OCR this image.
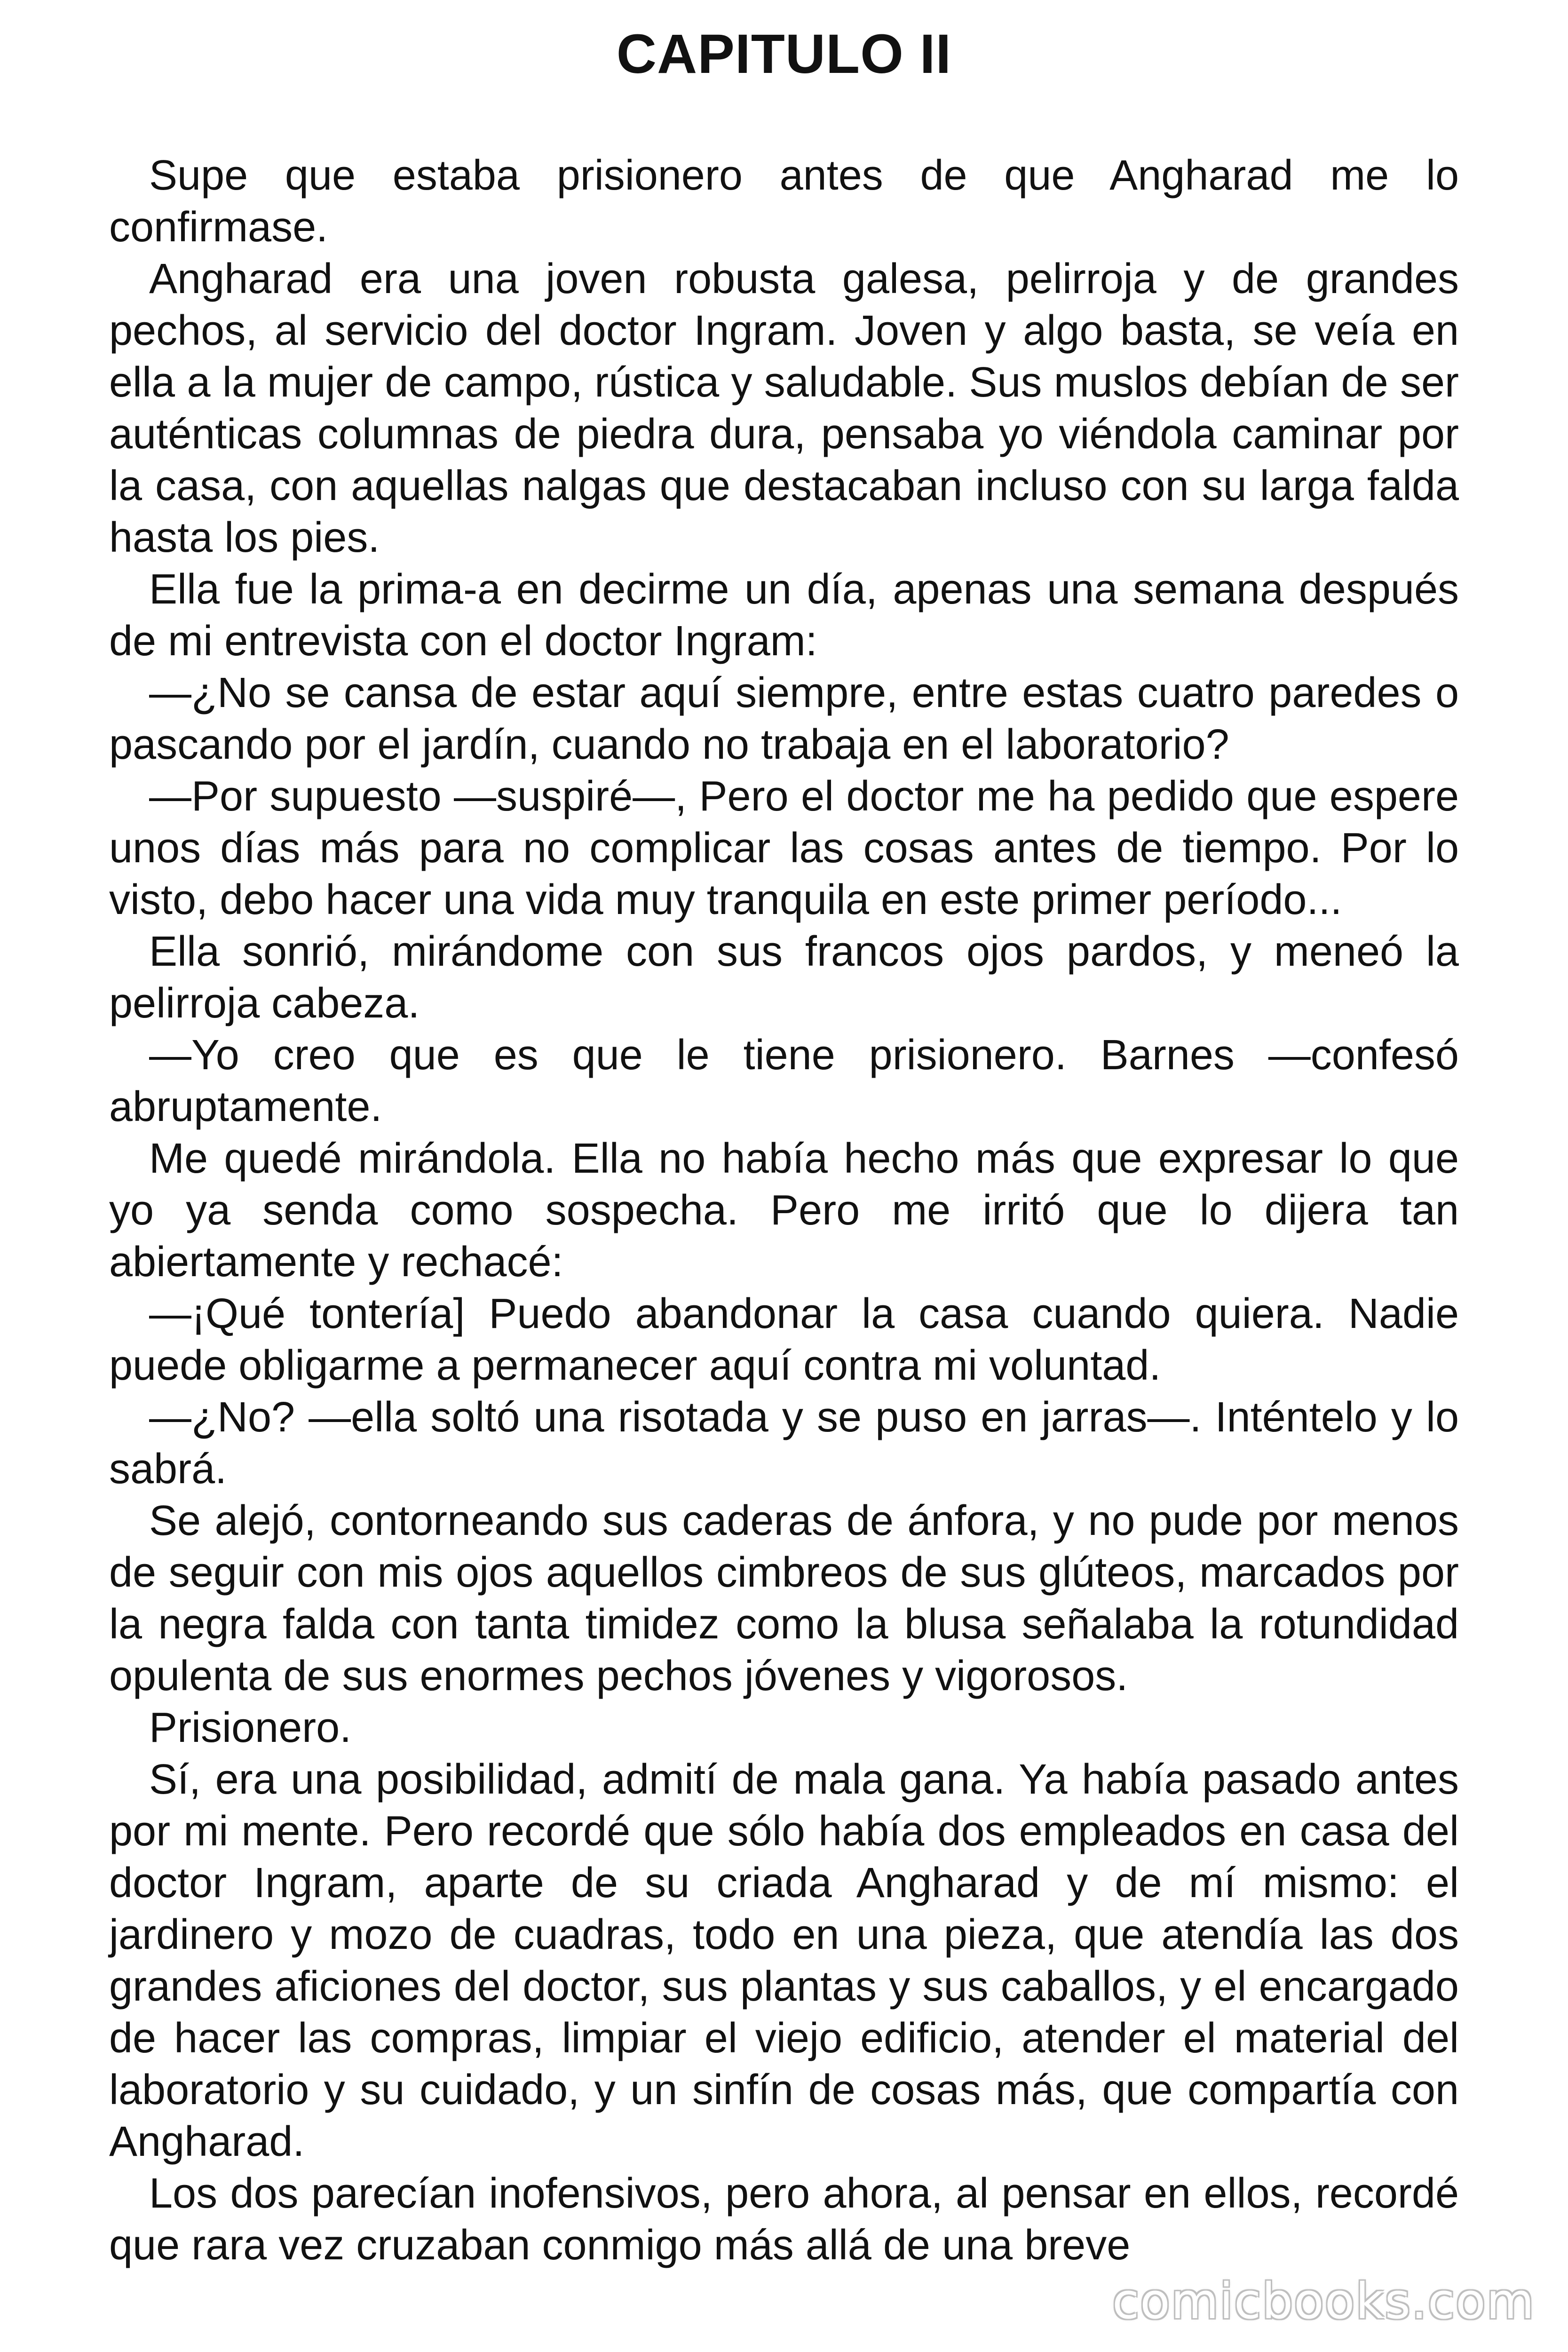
CAPITULO II

Supe que estaba prisionero antes de que Angharad me lo confirmase.

Angharad era una joven robusta galesa, pelirroja y de grandes pechos, al servicio del doctor Ingram. Joven y algo basta, se veía en ella a la mujer de campo, rústica y saludable. Sus muslos debían de ser auténticas columnas de piedra dura, pensaba yo viéndola caminar por la casa, con aquellas nalgas que destacaban incluso con su larga falda hasta los pies.

Ella fue la prima-a en decirme un día, apenas una semana después de mi entrevista con el doctor Ingram:

—¿No se cansa de estar aquí siempre, entre estas cuatro paredes o pascando por el jardín, cuando no trabaja en el laboratorio?

—Por supuesto —suspiré—, Pero el doctor me ha pedido que espere unos días más para no complicar las cosas antes de tiempo. Por lo visto, debo hacer una vida muy tranquila en este primer período...

Ella sonrió, mirándome con sus francos ojos pardos, y meneó la pelirroja cabeza.

—Yo creo que es que le tiene prisionero. Barnes —confesó abruptamente.

Me quedé mirándola. Ella no había hecho más que expresar lo que yo ya senda como sospecha. Pero me irritó que lo dijera tan abiertamente y rechacé:

—¡Qué tontería] Puedo abandonar la casa cuando quiera. Nadie puede obligarme a permanecer aquí contra mi voluntad.

—¿No? —ella soltó una risotada y se puso en jarras—. Inténtelo y lo sabrá.

Se alejó, contorneando sus caderas de ánfora, y no pude por menos de seguir con mis ojos aquellos cimbreos de sus glúteos, marcados por la negra falda con tanta timidez como la blusa señalaba la rotundidad opulenta de sus enormes pechos jóvenes y vigorosos.

Prisionero.

Sí, era una posibilidad, admití de mala gana. Ya había pasado antes por mi mente. Pero recordé que sólo había dos empleados en casa del doctor Ingram, aparte de su criada Angharad y de mí mismo: el jardinero y mozo de cuadras, todo en una pieza, que atendía las dos grandes aficiones del doctor, sus plantas y sus caballos, y el encargado de hacer las compras, limpiar el viejo edificio, atender el material del laboratorio y su cuidado, y un sinfín de cosas más, que compartía con Angharad.

Los dos parecían inofensivos, pero ahora, al pensar en ellos, recordé que rara vez cruzaban conmigo más allá de una breve

comicbooks.com
